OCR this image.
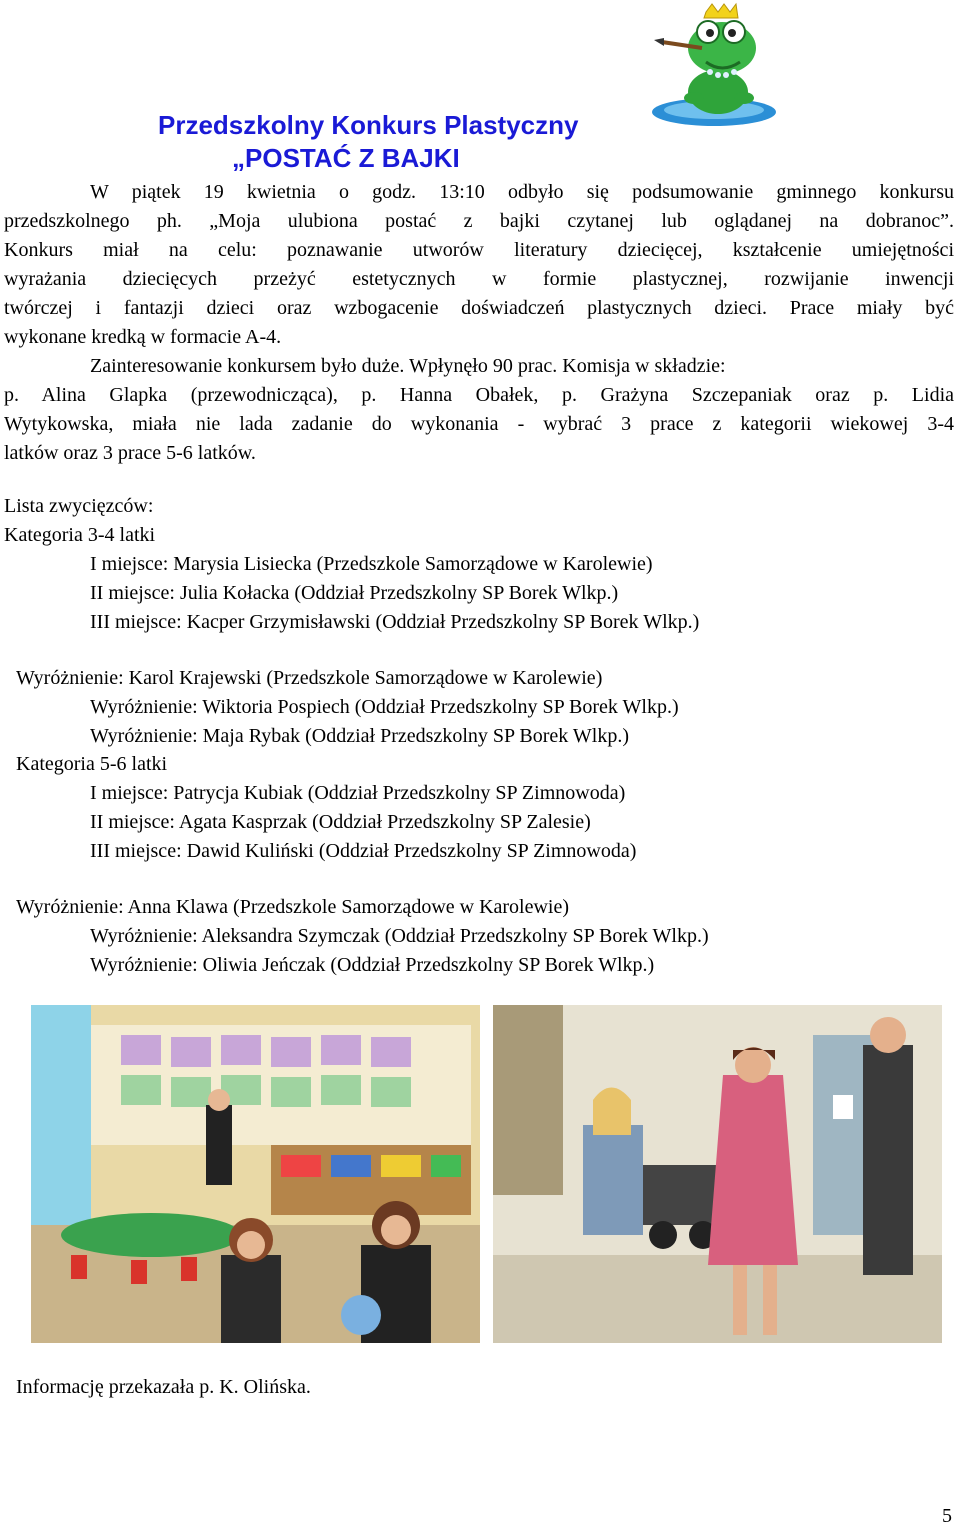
Przedszkolny Konkurs Plastyczny
„POSTAĆ Z BAJKI
W piątek 19 kwietnia o godz. 13:10 odbyło się podsumowanie gminnego konkursu
przedszkolnego ph. „Moja ulubiona postać z bajki czytanej lub oglądanej na dobranoc”.
Konkurs miał na celu: poznawanie utworów literatury dziecięcej, kształcenie umiejętności
wyrażania dziecięcych przeżyć estetycznych w formie plastycznej, rozwijanie inwencji
twórczej i fantazji dzieci oraz wzbogacenie doświadczeń plastycznych dzieci. Prace miały być
wykonane kredką w formacie A-4.
Zainteresowanie konkursem było duże. Wpłynęło 90 prac. Komisja w składzie:
p. Alina Glapka (przewodnicząca), p. Hanna Obałek, p. Grażyna Szczepaniak oraz p. Lidia
Wytykowska, miała nie lada zadanie do wykonania - wybrać 3 prace z kategorii wiekowej 3-4
latków oraz 3 prace 5-6 latków.
Lista zwycięzców:
Kategoria 3-4 latki
I miejsce: Marysia Lisiecka (Przedszkole Samorządowe w Karolewie)
II miejsce: Julia Kołacka (Oddział Przedszkolny SP Borek Wlkp.)
III miejsce: Kacper Grzymisławski (Oddział Przedszkolny SP Borek Wlkp.)
Wyróżnienie: Karol Krajewski (Przedszkole Samorządowe w Karolewie)
Wyróżnienie: Wiktoria Pospiech (Oddział Przedszkolny SP Borek Wlkp.)
Wyróżnienie: Maja Rybak (Oddział Przedszkolny SP Borek Wlkp.)
Kategoria 5-6 latki
I miejsce: Patrycja Kubiak (Oddział Przedszkolny SP Zimnowoda)
II miejsce: Agata Kasprzak (Oddział Przedszkolny SP Zalesie)
III miejsce: Dawid Kuliński (Oddział Przedszkolny SP Zimnowoda)
Wyróżnienie: Anna Klawa (Przedszkole Samorządowe w Karolewie)
Wyróżnienie: Aleksandra Szymczak (Oddział Przedszkolny SP Borek Wlkp.)
Wyróżnienie: Oliwia Jeńczak (Oddział Przedszkolny SP Borek Wlkp.)
Informację przekazała p. K. Olińska.
5
